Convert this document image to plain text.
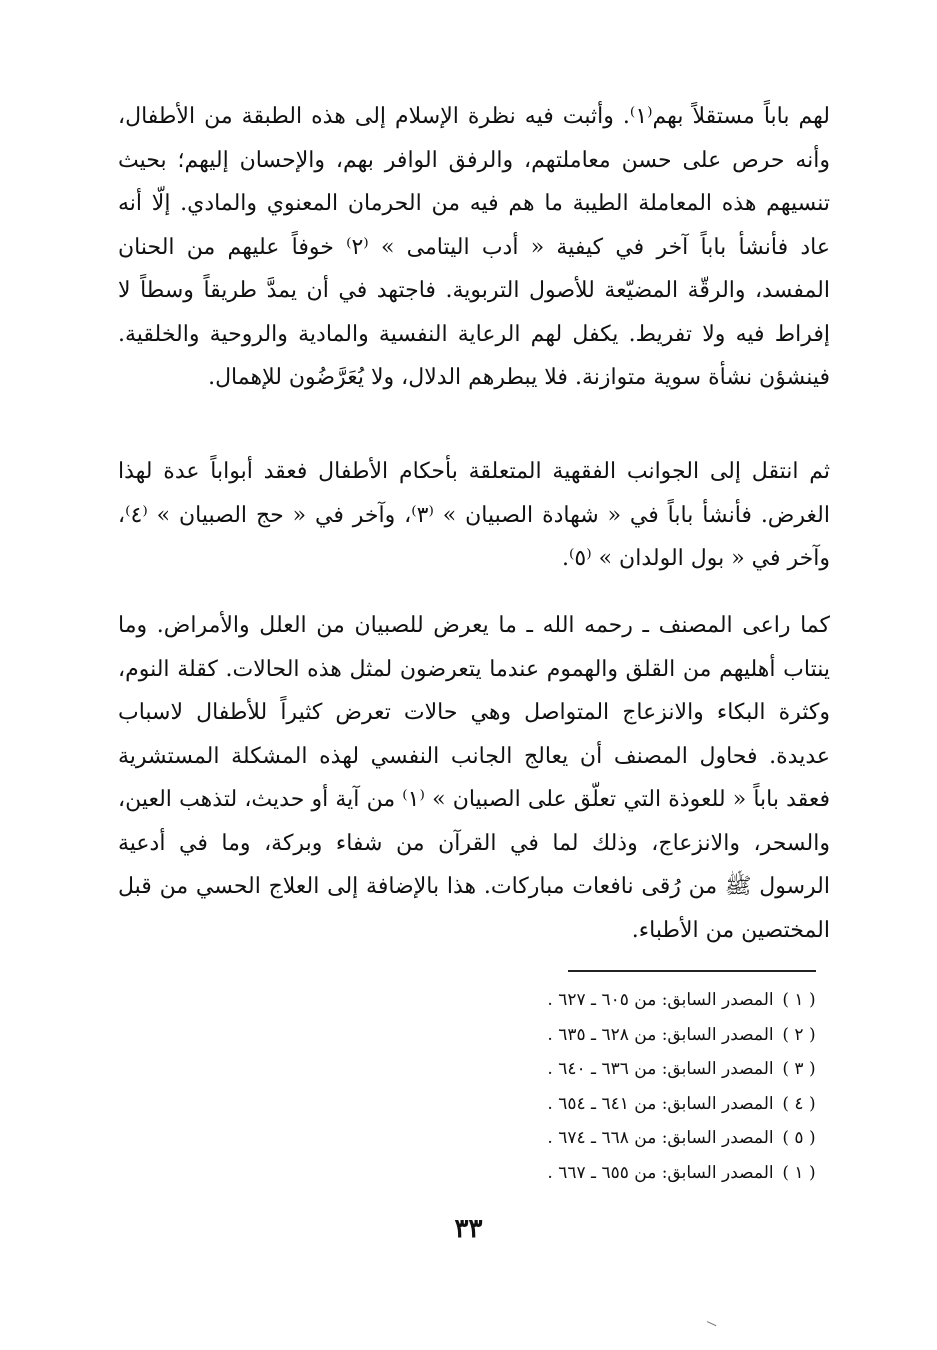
لهم باباً مستقلاً بهم⁽١⁾. وأثبت فيه نظرة الإسلام إلى هذه الطبقة من الأطفال، وأنه حرص على حسن معاملتهم، والرفق الوافر بهم، والإحسان إليهم؛ بحيث تنسيهم هذه المعاملة الطيبة ما هم فيه من الحرمان المعنوي والمادي. إلّا أنه عاد فأنشأ باباً آخر في كيفية « أدب اليتامى » ⁽٢⁾ خوفاً عليهم من الحنان المفسد، والرقّة المضيّعة للأصول التربوية. فاجتهد في أن يمدَّ طريقاً وسطاً لا إفراط فيه ولا تفريط. يكفل لهم الرعاية النفسية والمادية والروحية والخلقية. فينشؤن نشأة سوية متوازنة. فلا يبطرهم الدلال، ولا يُعَرَّضُون للإهمال.

ثم انتقل إلى الجوانب الفقهية المتعلقة بأحكام الأطفال فعقد أبواباً عدة لهذا الغرض. فأنشأ باباً في « شهادة الصبيان » ⁽٣⁾، وآخر في « حج الصبيان » ⁽٤⁾، وآخر في « بول الولدان » ⁽٥⁾.

كما راعى المصنف ـ رحمه الله ـ ما يعرض للصبيان من العلل والأمراض. وما ينتاب أهليهم من القلق والهموم عندما يتعرضون لمثل هذه الحالات. كقلة النوم، وكثرة البكاء والانزعاج المتواصل وهي حالات تعرض كثيراً للأطفال لاسباب عديدة. فحاول المصنف أن يعالج الجانب النفسي لهذه المشكلة المستشرية فعقد باباً « للعوذة التي تعلّق على الصبيان » ⁽١⁾ من آية أو حديث، لتذهب العين، والسحر، والانزعاج، وذلك لما في القرآن من شفاء وبركة، وما في أدعية الرسول ﷺ من رُقى نافعات مباركات. هذا بالإضافة إلى العلاج الحسي من قبل المختصين من الأطباء.

( ١ ) المصدر السابق: من ٦٠٥ ـ ٦٢٧ .
( ٢ ) المصدر السابق: من ٦٢٨ ـ ٦٣٥ .
( ٣ ) المصدر السابق: من ٦٣٦ ـ ٦٤٠ .
( ٤ ) المصدر السابق: من ٦٤١ ـ ٦٥٤ .
( ٥ ) المصدر السابق: من ٦٦٨ ـ ٦٧٤ .
( ١ ) المصدر السابق: من ٦٥٥ ـ ٦٦٧ .
٣٣
